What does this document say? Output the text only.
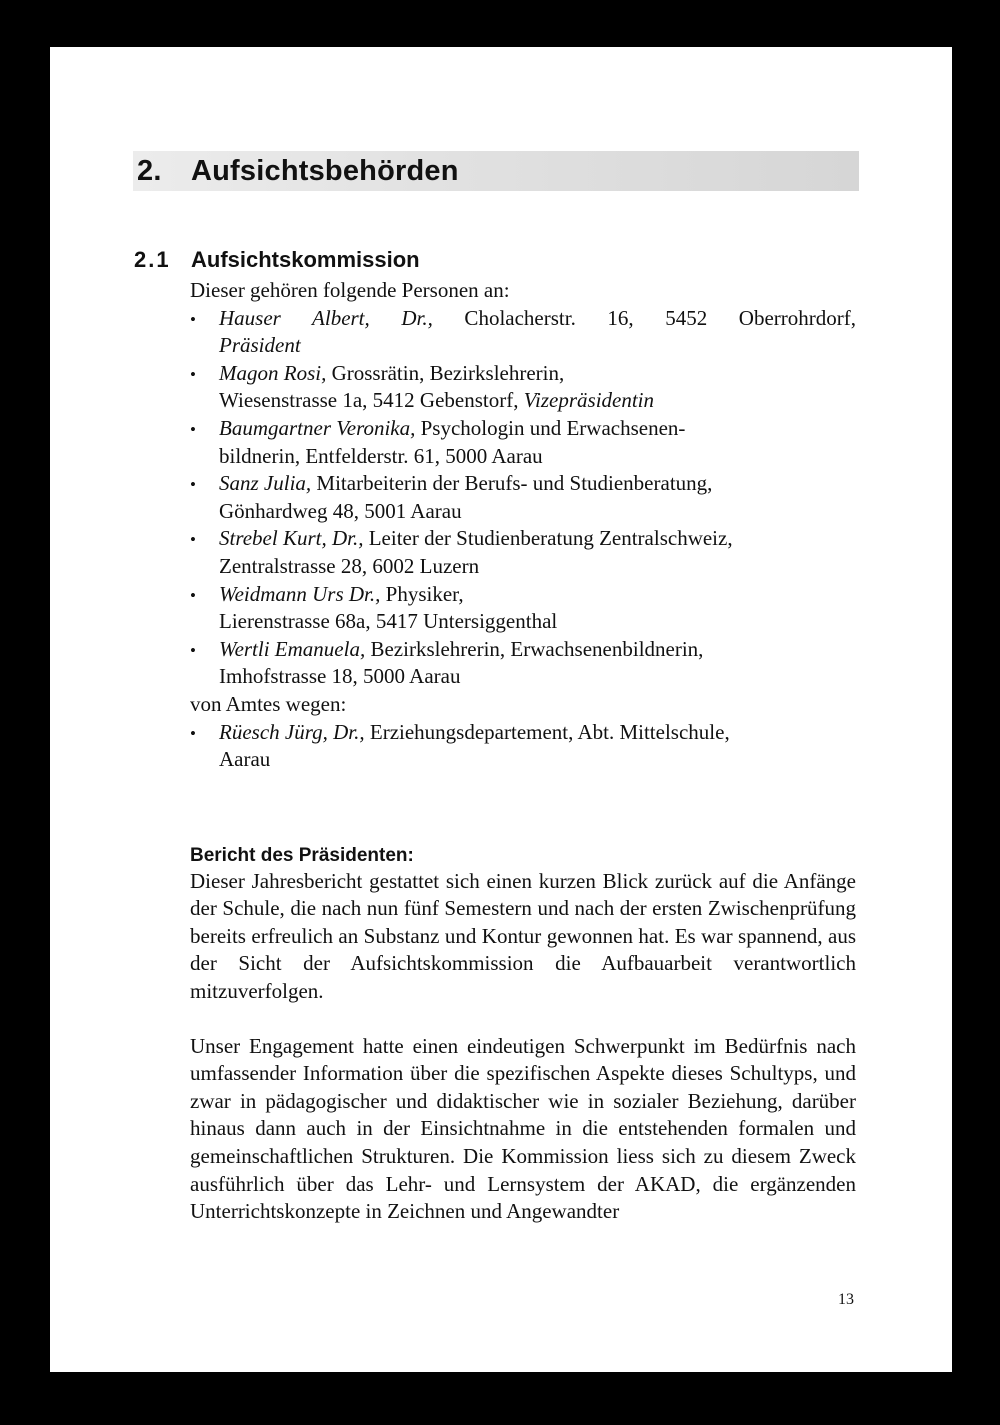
2. Aufsichtsbehörden
2.1 Aufsichtskommission

Dieser gehören folgende Personen an:

• Hauser Albert, Dr., Cholacherstr. 16, 5452 Oberrohrdorf,
Präsident
• Magon Rosi, Grossrätin, Bezirkslehrerin,
Wiesenstrasse 1a, 5412 Gebenstorf, Vizepräsidentin
• Baumgartner Veronika, Psychologin und Erwachsenen-
bildnerin, Entfelderstr. 61, 5000 Aarau
• Sanz Julia, Mitarbeiterin der Berufs- und Studienberatung,
Gönhardweg 48, 5001 Aarau
• Strebel Kurt, Dr., Leiter der Studienberatung Zentralschweiz,
Zentralstrasse 28, 6002 Luzern
• Weidmann Urs Dr., Physiker,
Lierenstrasse 68a, 5417 Untersiggenthal
• Wertli Emanuela, Bezirkslehrerin, Erwachsenenbildnerin,
Imhofstrasse 18, 5000 Aarau

von Amtes wegen:

• Rüesch Jürg, Dr., Erziehungsdepartement, Abt. Mittelschule,
Aarau
Bericht des Präsidenten:

Dieser Jahresbericht gestattet sich einen kurzen Blick zurück auf die Anfänge der Schule, die nach nun fünf Semestern und nach der ersten Zwischenprüfung bereits erfreulich an Substanz und Kontur gewonnen hat. Es war spannend, aus der Sicht der Aufsichtskommission die Aufbauarbeit verantwortlich mitzuverfolgen.

Unser Engagement hatte einen eindeutigen Schwerpunkt im Bedürfnis nach umfassender Information über die spezifischen Aspekte dieses Schultyps, und zwar in pädagogischer und didaktischer wie in sozialer Beziehung, darüber hinaus dann auch in der Einsichtnahme in die entstehenden formalen und gemeinschaftlichen Strukturen. Die Kommission liess sich zu diesem Zweck ausführlich über das Lehr- und Lernsystem der AKAD, die ergänzenden Unterrichtskonzepte in Zeichnen und Angewandter

13
